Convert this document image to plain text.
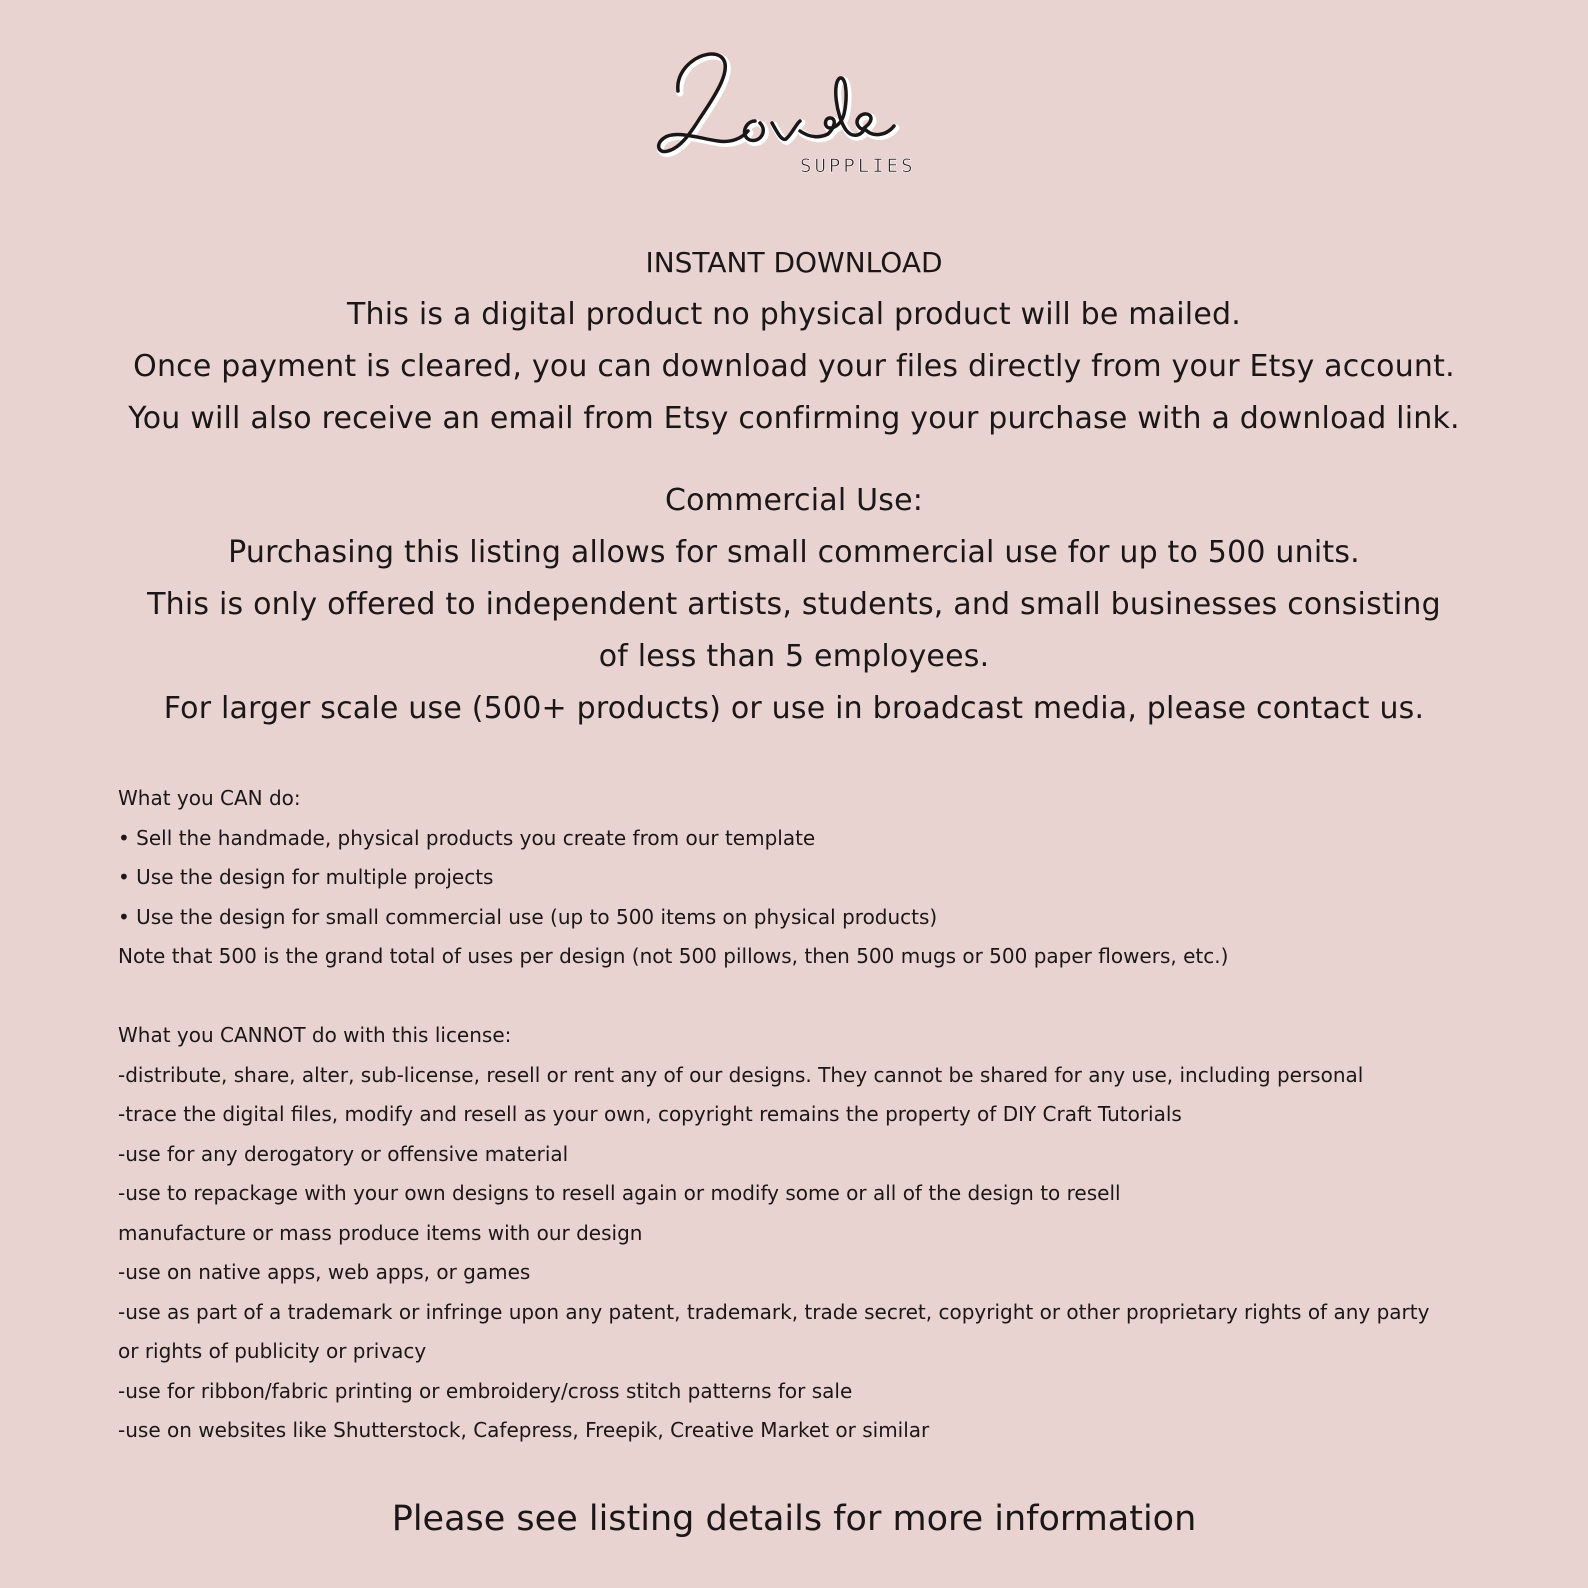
SUPPLIES
INSTANT DOWNLOAD
This is a digital product no physical product will be mailed.
Once payment is cleared, you can download your files directly from your Etsy account.
You will also receive an email from Etsy confirming your purchase with a download link.
Commercial Use:
Purchasing this listing allows for small commercial use for up to 500 units.
This is only offered to independent artists, students, and small businesses consisting
of less than 5 employees.
For larger scale use (500+ products) or use in broadcast media, please contact us.
What you CAN do:
• Sell the handmade, physical products you create from our template
• Use the design for multiple projects
• Use the design for small commercial use (up to 500 items on physical products)
Note that 500 is the grand total of uses per design (not 500 pillows, then 500 mugs or 500 paper flowers, etc.)
What you CANNOT do with this license:
-distribute, share, alter, sub-license, resell or rent any of our designs. They cannot be shared for any use, including personal
-trace the digital files, modify and resell as your own, copyright remains the property of DIY Craft Tutorials
-use for any derogatory or offensive material
-use to repackage with your own designs to resell again or modify some or all of the design to resell
manufacture or mass produce items with our design
-use on native apps, web apps, or games
-use as part of a trademark or infringe upon any patent, trademark, trade secret, copyright or other proprietary rights of any party
or rights of publicity or privacy
-use for ribbon/fabric printing or embroidery/cross stitch patterns for sale
-use on websites like Shutterstock, Cafepress, Freepik, Creative Market or similar
Please see listing details for more information
